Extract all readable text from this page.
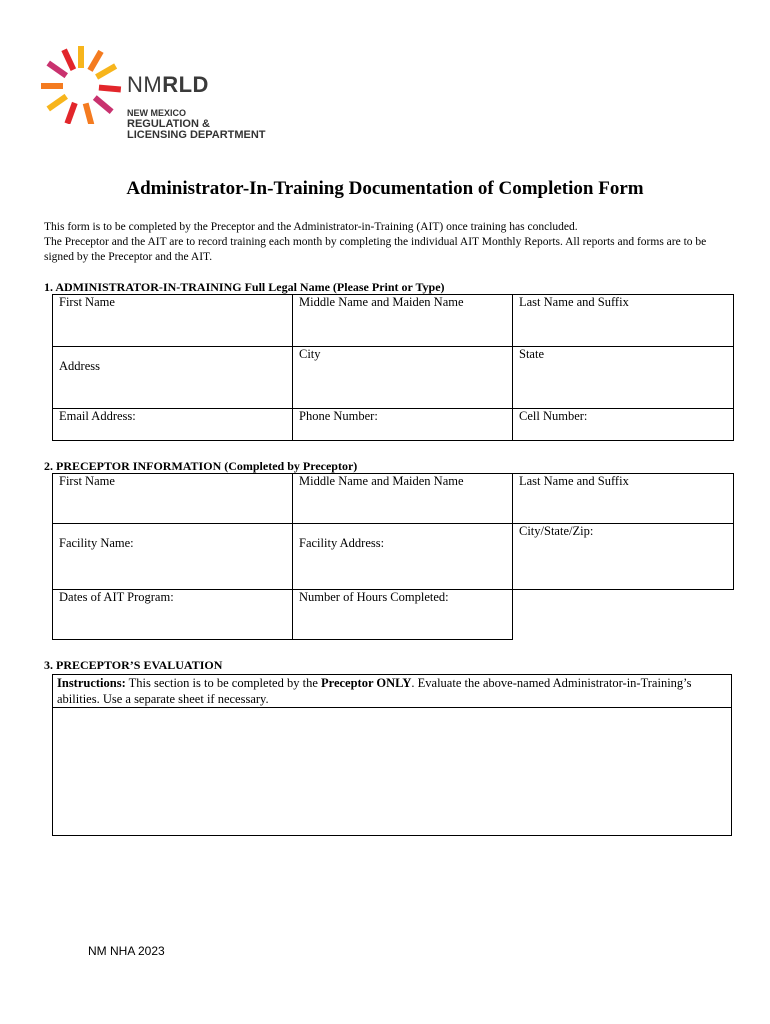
NMRLD
NEW MEXICO
REGULATION &
LICENSING DEPARTMENT
Administrator-In-Training Documentation of Completion Form

This form is to be completed by the Preceptor and the Administrator-in-Training (AIT) once training has concluded.

The Preceptor and the AIT are to record training each month by completing the individual AIT Monthly Reports. All reports and forms are to be signed by the Preceptor and the AIT.

1. ADMINISTRATOR-IN-TRAINING Full Legal Name (Please Print or Type)
First Name	Middle Name and Maiden Name	Last Name and Suffix
Address	City	State
Email Address:	Phone Number:	Cell Number:
2. PRECEPTOR INFORMATION (Completed by Preceptor)
First Name	Middle Name and Maiden Name	Last Name and Suffix
Facility Name:	Facility Address:	City/State/Zip:
Dates of AIT Program:	Number of Hours Completed:	
3. PRECEPTOR’S EVALUATION
Instructions: This section is to be completed by the Preceptor ONLY. Evaluate the above-named Administrator-in-Training’s abilities. Use a separate sheet if necessary.
NM NHA 2023
